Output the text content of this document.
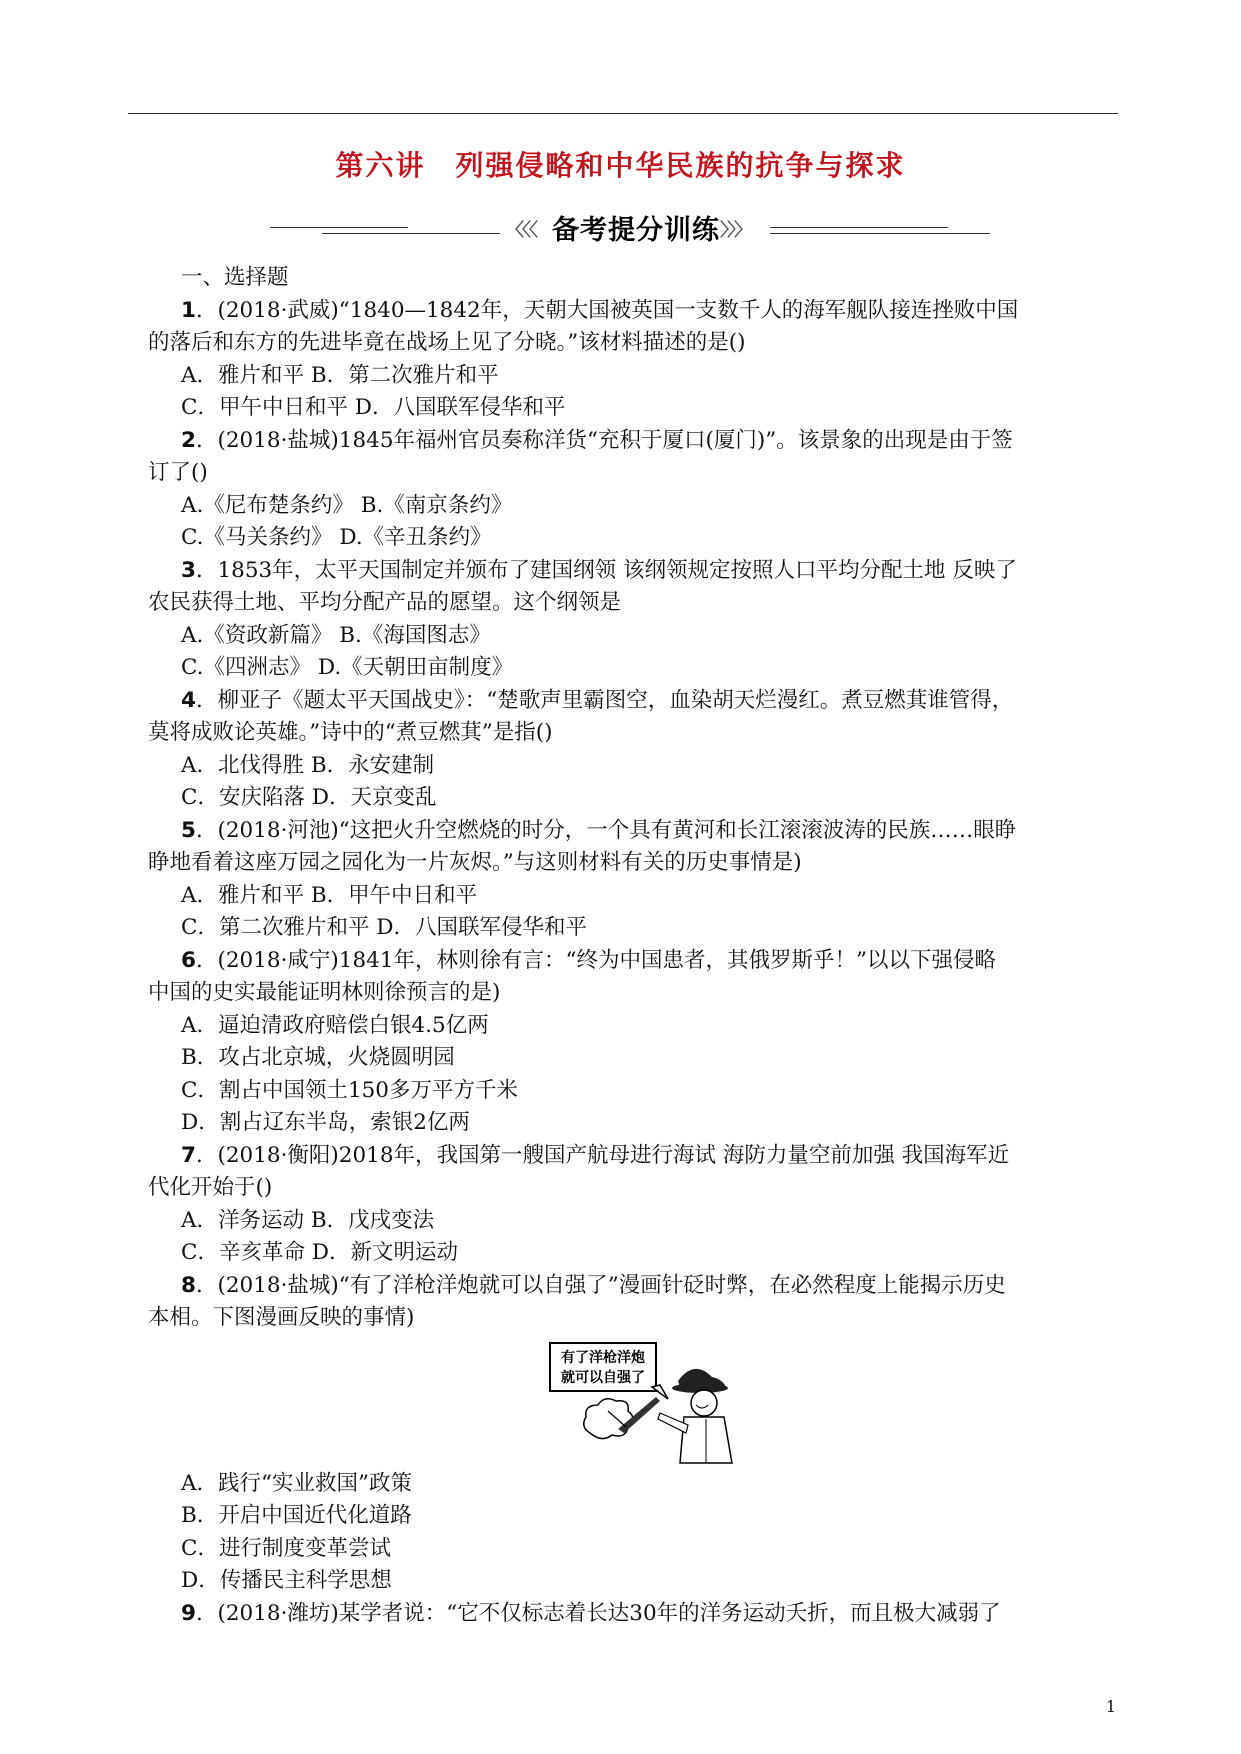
第六讲 列强侵略和中华民族的抗争与探求
〈〈〈 备考提分训练 〉〉〉

一、选择题

1．(2018·武威)“1840—1842年，天朝大国被英国一支数千人的海军舰队接连挫败中国

的落后和东方的先进毕竟在战场上见了分晓。”该材料描述的是()

A．雅片和平 B．第二次雅片和平

C．甲午中日和平 D．八国联军侵华和平

2．(2018·盐城)1845年福州官员奏称洋货“充积于厦口(厦门)”。该景象的出现是由于签

订了()

A.《尼布楚条约》 B.《南京条约》

C.《马关条约》 D.《辛丑条约》

3．1853年，太平天国制定并颁布了建国纲领 该纲领规定按照人口平均分配土地 反映了

农民获得土地、平均分配产品的愿望。这个纲领是

A.《资政新篇》 B.《海国图志》

C.《四洲志》 D.《天朝田亩制度》

4．柳亚子《题太平天国战史》：“楚歌声里霸图空，血染胡天烂漫红。煮豆燃萁谁管得，

莫将成败论英雄。”诗中的“煮豆燃萁”是指()

A．北伐得胜 B．永安建制

C．安庆陷落 D．天京变乱

5．(2018·河池)“这把火升空燃烧的时分，一个具有黄河和长江滚滚波涛的民族……眼睁

睁地看着这座万园之园化为一片灰烬。”与这则材料有关的历史事情是)

A．雅片和平 B．甲午中日和平

C．第二次雅片和平 D．八国联军侵华和平

6．(2018·咸宁)1841年，林则徐有言：“终为中国患者，其俄罗斯乎！”以以下强侵略

中国的史实最能证明林则徐预言的是)

A．逼迫清政府赔偿白银4.5亿两

B．攻占北京城，火烧圆明园

C．割占中国领土150多万平方千米

D．割占辽东半岛，索银2亿两

7．(2018·衡阳)2018年，我国第一艘国产航母进行海试 海防力量空前加强 我国海军近

代化开始于()

A．洋务运动 B．戊戌变法

C．辛亥革命 D．新文明运动

8．(2018·盐城)“有了洋枪洋炮就可以自强了”漫画针砭时弊，在必然程度上能揭示历史

本相。下图漫画反映的事情)

有了洋枪洋炮
就可以自强了

A．践行“实业救国”政策

B．开启中国近代化道路

C．进行制度变革尝试

D．传播民主科学思想

9．(2018·潍坊)某学者说：“它不仅标志着长达30年的洋务运动夭折，而且极大减弱了

1
